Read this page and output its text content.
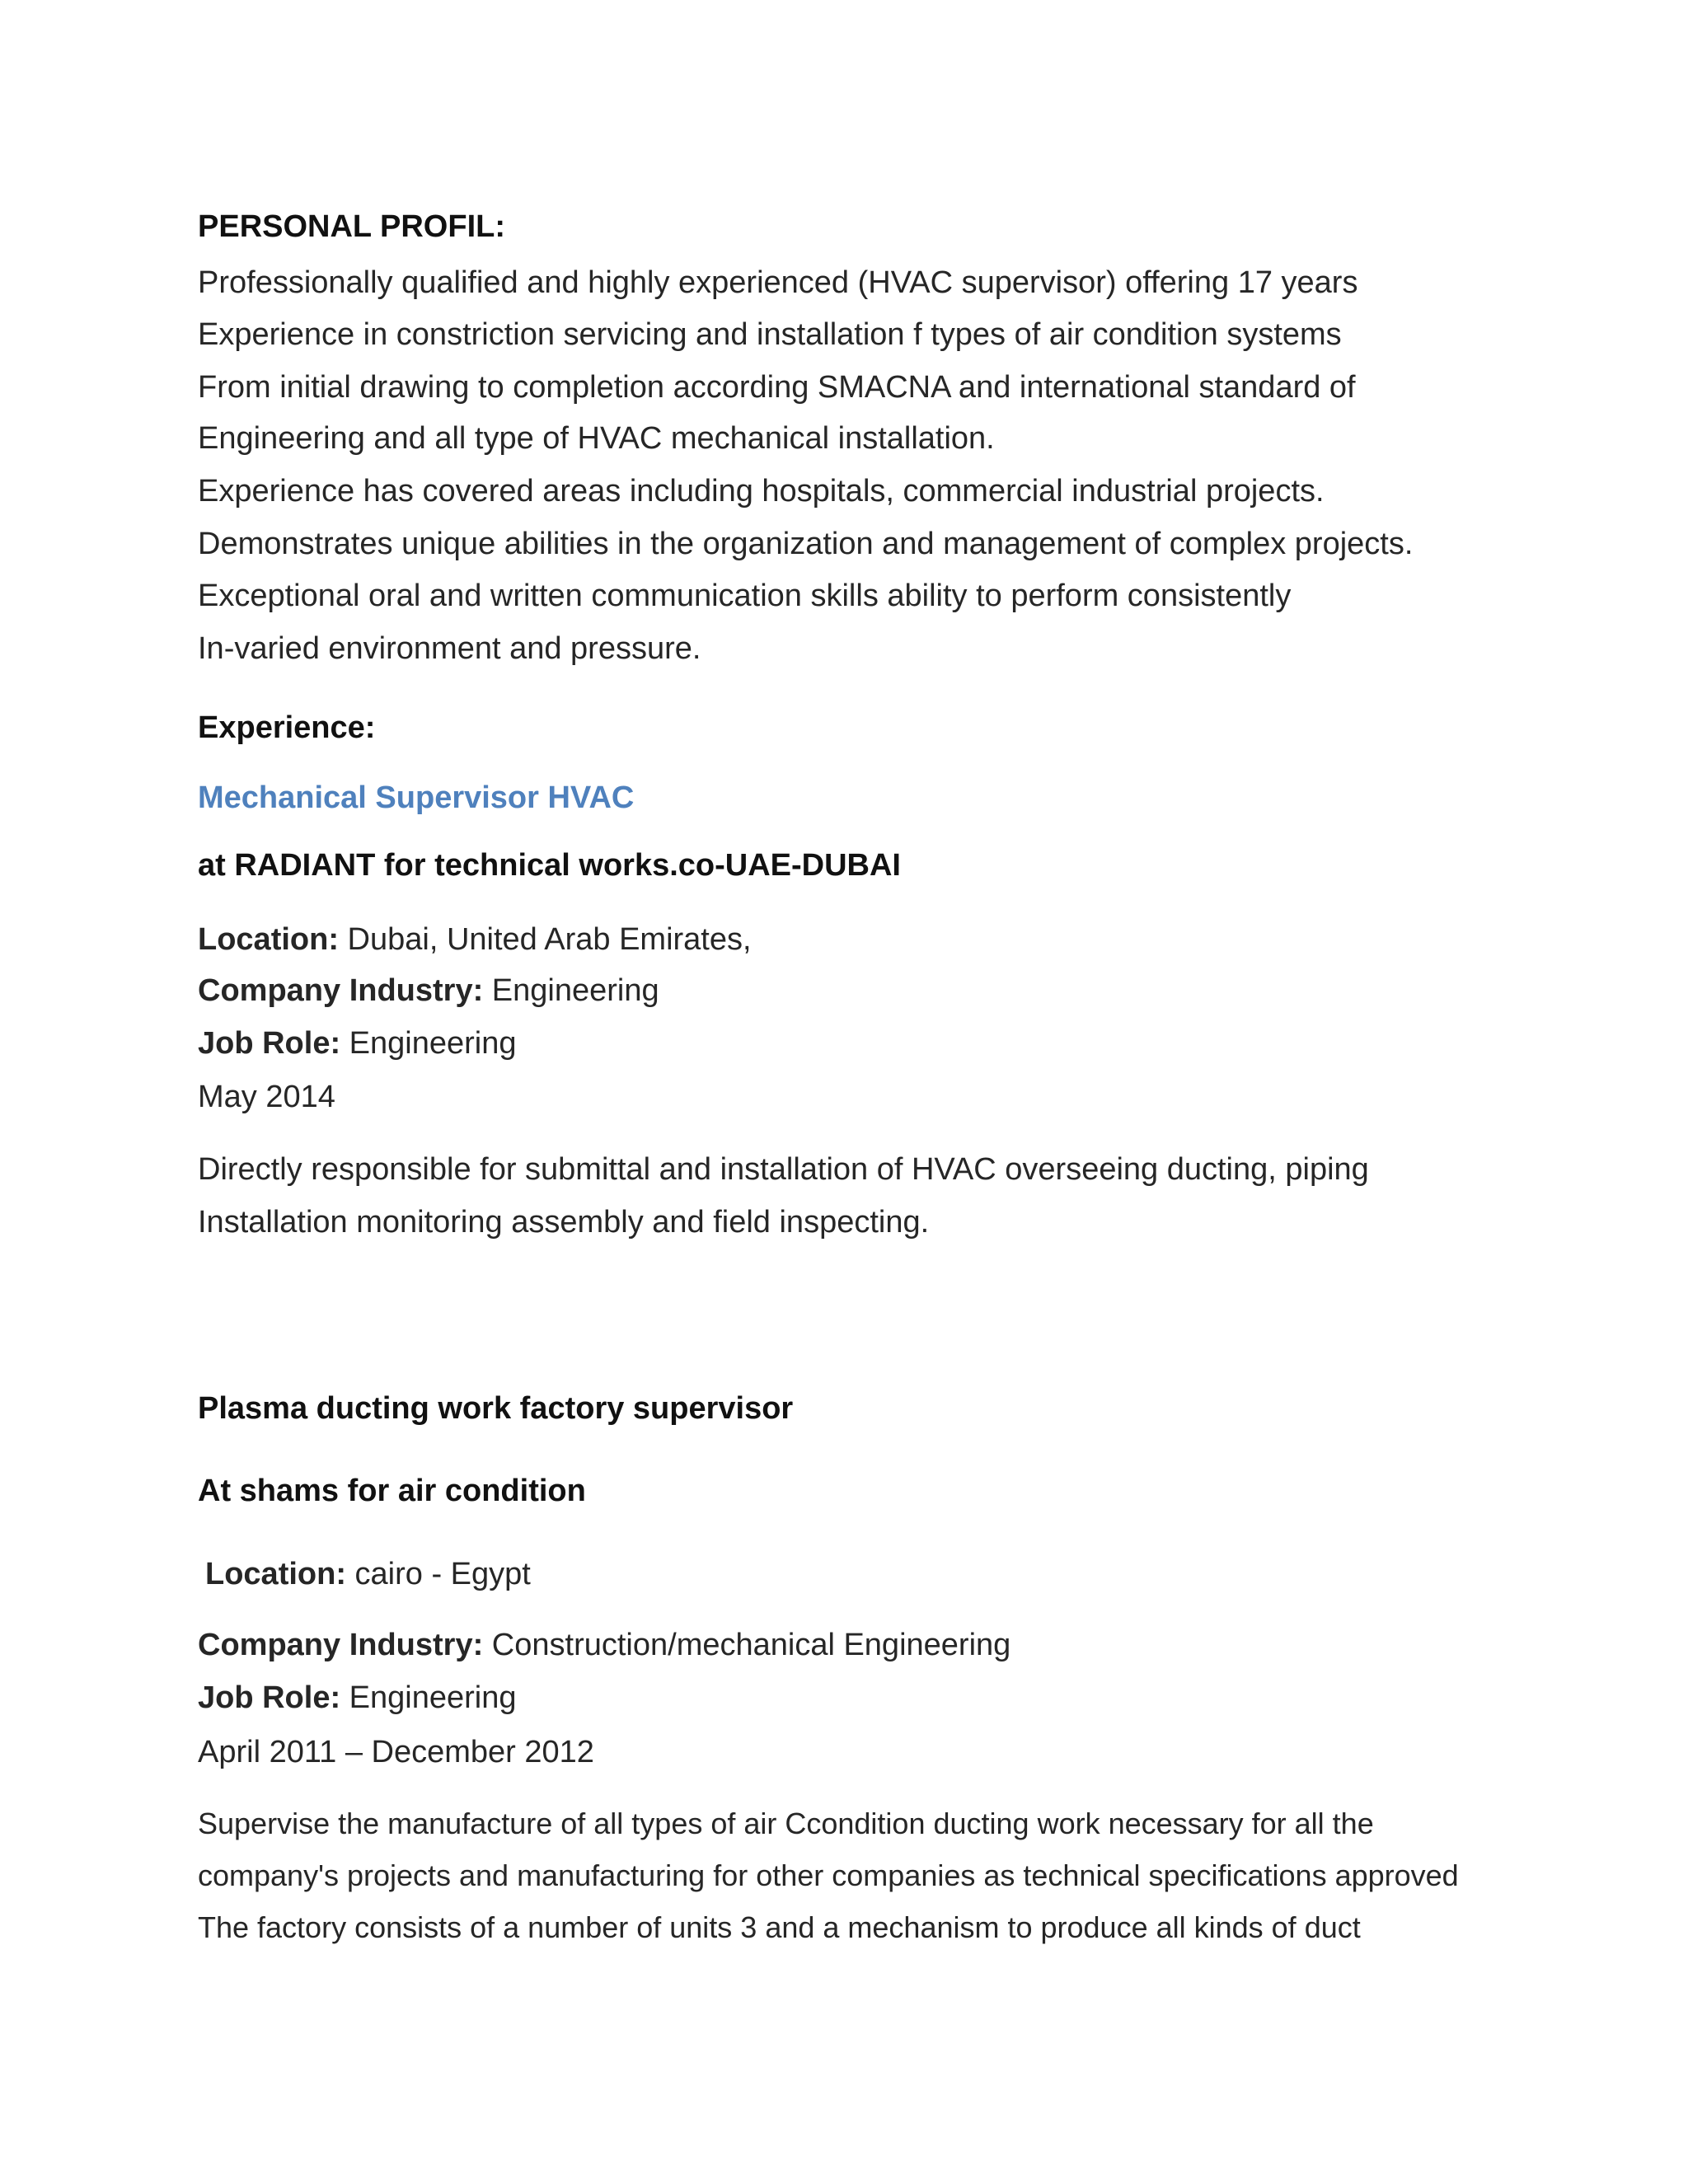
PERSONAL PROFIL:
Professionally qualified and highly experienced (HVAC supervisor) offering 17 years
Experience in constriction servicing and installation f types of air condition systems
From initial drawing to completion according SMACNA and international standard of
Engineering and all type of HVAC mechanical installation.
Experience has covered areas including hospitals, commercial industrial projects.
Demonstrates unique abilities in the organization and management of complex projects.
Exceptional oral and written communication skills ability to perform consistently
In-varied environment and pressure.
Experience:
Mechanical Supervisor HVAC
at RADIANT for technical works.co-UAE-DUBAI
Location: Dubai, United Arab Emirates,
Company Industry: Engineering
Job Role: Engineering
May 2014
Directly responsible for submittal and installation of HVAC overseeing ducting, piping
Installation monitoring assembly and field inspecting.
Plasma ducting work factory supervisor
At shams for air condition
Location: cairo - Egypt
Company Industry: Construction/mechanical Engineering
Job Role: Engineering
April 2011 – December 2012
Supervise the manufacture of all types of air Ccondition ducting work necessary for all the
company's projects and manufacturing for other companies as technical specifications approved
The factory consists of a number of units 3 and a mechanism to produce all kinds of duct
